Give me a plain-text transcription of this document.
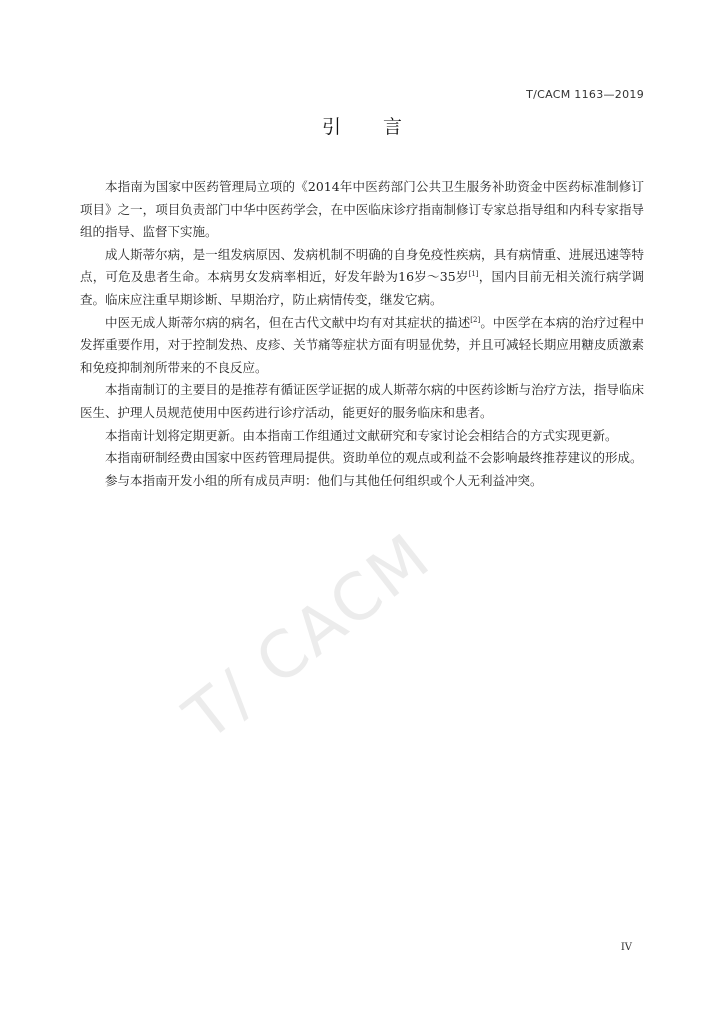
T/CACM 1163—2019
引 言
T/ CACM

本指南为国家中医药管理局立项的《2014年中医药部门公共卫生服务补助资金中医药标准制修订项目》之一，项目负责部门中华中医药学会，在中医临床诊疗指南制修订专家总指导组和内科专家指导组的指导、监督下实施。

成人斯蒂尔病，是一组发病原因、发病机制不明确的自身免疫性疾病，具有病情重、进展迅速等特点，可危及患者生命。本病男女发病率相近，好发年龄为16岁～35岁[1]，国内目前无相关流行病学调查。临床应注重早期诊断、早期治疗，防止病情传变，继发它病。

中医无成人斯蒂尔病的病名，但在古代文献中均有对其症状的描述[2]。中医学在本病的治疗过程中发挥重要作用，对于控制发热、皮疹、关节痛等症状方面有明显优势，并且可减轻长期应用糖皮质激素和免疫抑制剂所带来的不良反应。

本指南制订的主要目的是推荐有循证医学证据的成人斯蒂尔病的中医药诊断与治疗方法，指导临床医生、护理人员规范使用中医药进行诊疗活动，能更好的服务临床和患者。

本指南计划将定期更新。由本指南工作组通过文献研究和专家讨论会相结合的方式实现更新。

本指南研制经费由国家中医药管理局提供。资助单位的观点或利益不会影响最终推荐建议的形成。

参与本指南开发小组的所有成员声明：他们与其他任何组织或个人无利益冲突。

IV
